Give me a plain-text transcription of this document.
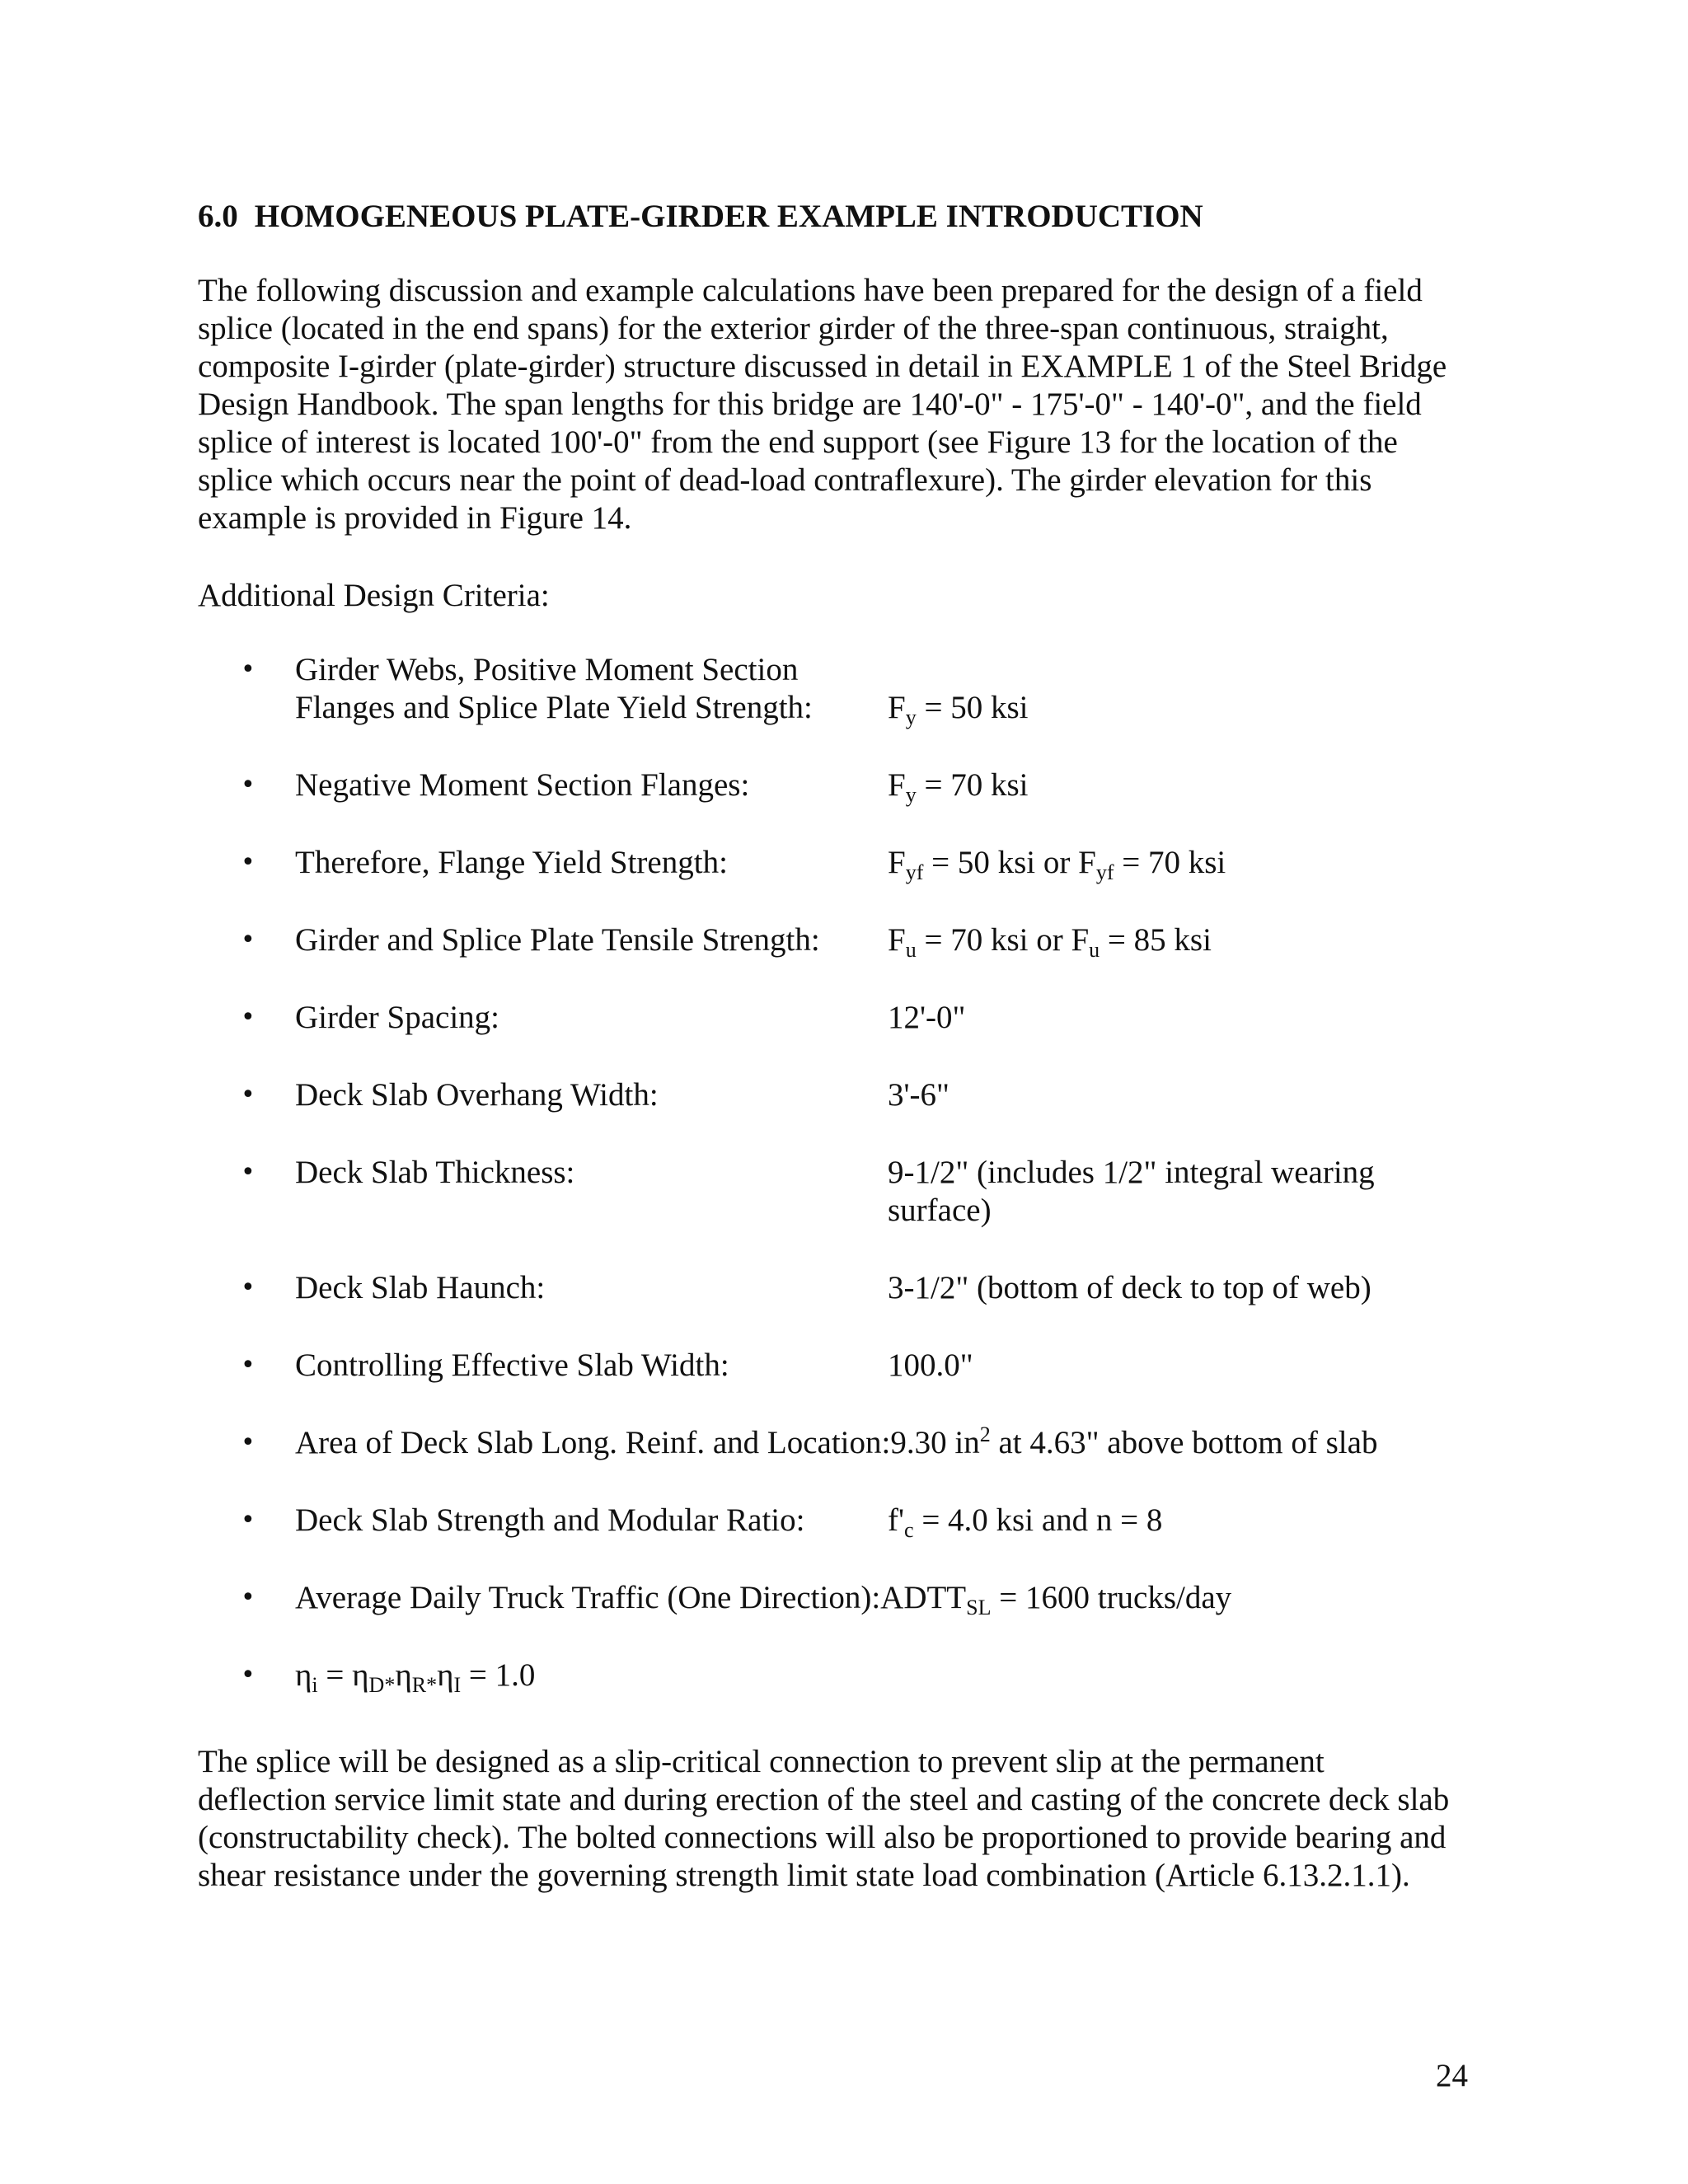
6.0 HOMOGENEOUS PLATE-GIRDER EXAMPLE INTRODUCTION

The following discussion and example calculations have been prepared for the design of a field
splice (located in the end spans) for the exterior girder of the three-span continuous, straight,
composite I-girder (plate-girder) structure discussed in detail in EXAMPLE 1 of the Steel Bridge
Design Handbook. The span lengths for this bridge are 140'-0" - 175'-0" - 140'-0", and the field
splice of interest is located 100'-0" from the end support (see Figure 13 for the location of the
splice which occurs near the point of dead-load contraflexure). The girder elevation for this
example is provided in Figure 14.

Additional Design Criteria:

• Girder Webs, Positive Moment Section
Flanges and Splice Plate Yield Strength:	$F_y = 50$ ksi
• Negative Moment Section Flanges:	$F_y = 70$ ksi
• Therefore, Flange Yield Strength:	$F_{yf} = 50$ ksi or $F_{yf} = 70$ ksi
• Girder and Splice Plate Tensile Strength:	$F_u = 70$ ksi or $F_u = 85$ ksi
• Girder Spacing:	12'-0"
• Deck Slab Overhang Width:	3'-6"
• Deck Slab Thickness:	9-1/2" (includes 1/2" integral wearing
surface)
• Deck Slab Haunch:	3-1/2" (bottom of deck to top of web)
• Controlling Effective Slab Width:	100.0"
• Area of Deck Slab Long. Reinf. and Location:9.30 $in^2$ at 4.63" above bottom of slab
• Deck Slab Strength and Modular Ratio:	$f'_c = 4.0$ ksi and n = 8
• Average Daily Truck Traffic (One $Direction):ADTT_{SL} = 1600$ trucks/day
• $\eta_i = \eta_{D*}\eta_{R*}\eta_I = 1.0$

The splice will be designed as a slip-critical connection to prevent slip at the permanent
deflection service limit state and during erection of the steel and casting of the concrete deck slab
(constructability check). The bolted connections will also be proportioned to provide bearing and
shear resistance under the governing strength limit state load combination (Article 6.13.2.1.1).

24
